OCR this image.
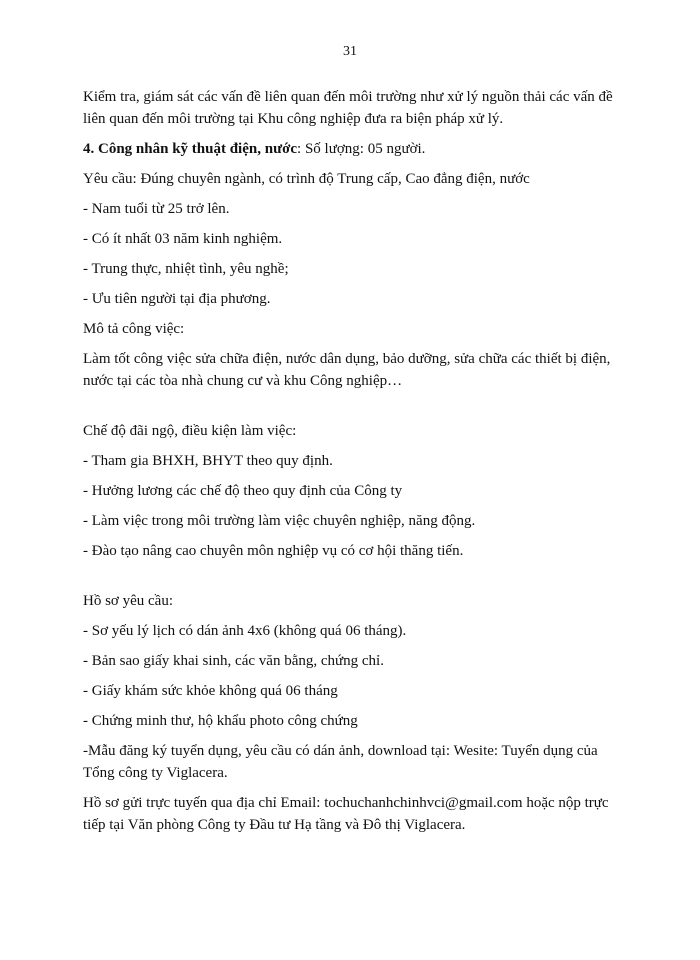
31

Kiểm tra, giám sát các vấn đề liên quan đến môi trường như xử lý nguồn thải các vấn đề liên quan đến môi trường tại Khu công nghiệp đưa ra biện pháp xử lý.

4. Công nhân kỹ thuật điện, nước: Số lượng: 05 người.

Yêu cầu: Đúng chuyên ngành, có trình độ Trung cấp, Cao đẳng điện, nước

- Nam tuổi từ 25 trở lên.

- Có ít nhất 03 năm kinh nghiệm.

- Trung thực, nhiệt tình, yêu nghề;

- Ưu tiên người tại địa phương.

Mô tả công việc:

Làm tốt công việc sửa chữa điện, nước dân dụng, bảo dưỡng, sửa chữa các thiết bị điện, nước tại các tòa nhà chung cư và khu Công nghiệp…

Chế độ đãi ngộ, điều kiện làm việc:

- Tham gia BHXH, BHYT theo quy định.

- Hưởng lương các chế độ theo quy định của Công ty

- Làm việc trong môi trường làm việc chuyên nghiệp, năng động.

- Đào tạo nâng cao chuyên môn nghiệp vụ có cơ hội thăng tiến.

Hồ sơ yêu cầu:

- Sơ yếu lý lịch có dán ảnh 4x6 (không quá 06 tháng).

- Bản sao giấy khai sinh, các văn bằng, chứng chỉ.

- Giấy khám sức khỏe không quá 06 tháng

- Chứng minh thư, hộ khẩu photo công chứng

-Mẫu đăng ký tuyển dụng, yêu cầu có dán ảnh, download tại: Wesite: Tuyển dụng của Tổng công ty Viglacera.

Hồ sơ gửi trực tuyến qua địa chỉ Email: tochuchanhchinhvci@gmail.com hoặc nộp trực tiếp tại Văn phòng Công ty Đầu tư Hạ tầng và Đô thị Viglacera.
